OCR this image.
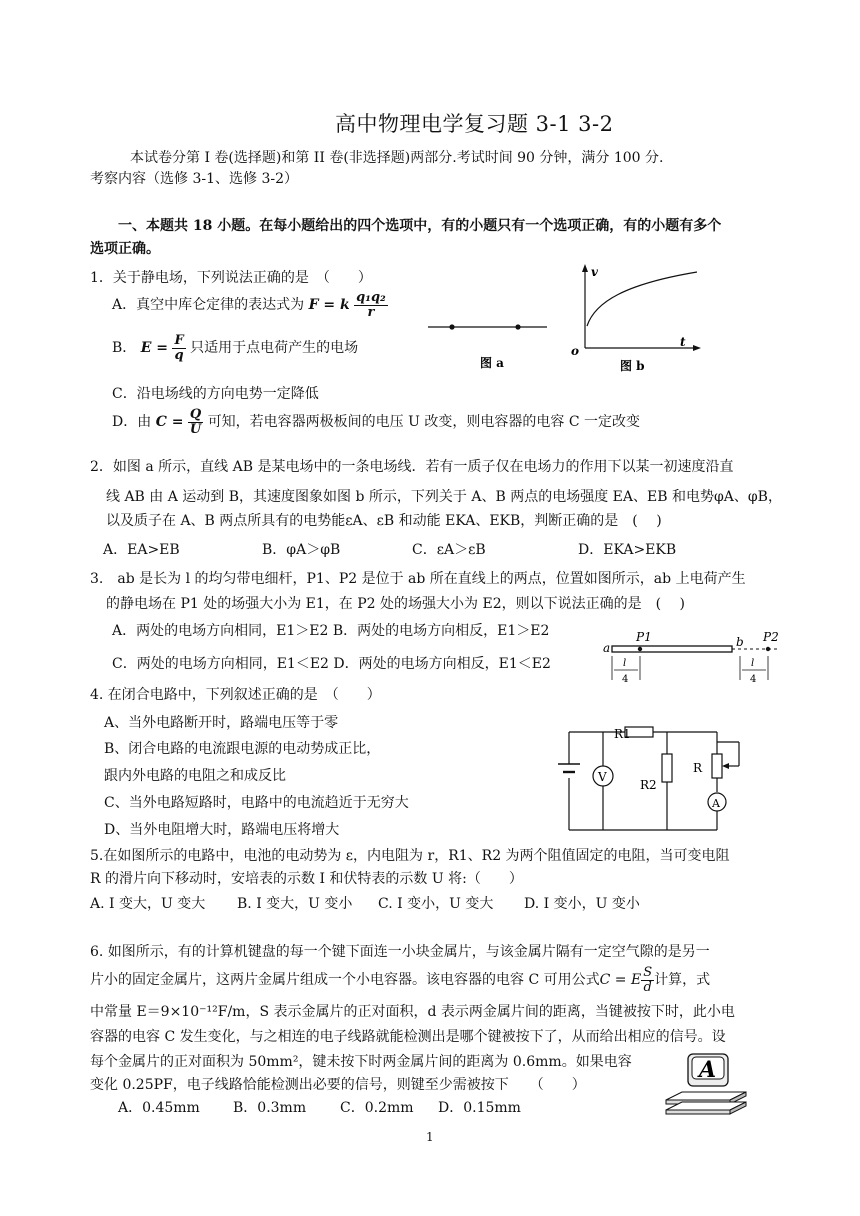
高中物理电学复习题 3-1 3-2
本试卷分第 I 卷(选择题)和第 II 卷(非选择题)两部分.考试时间 90 分钟，满分 100 分.
考察内容（选修 3-1、选修 3-2）
一、本题共 18 小题。在每小题给出的四个选项中，有的小题只有一个选项正确，有的小题有多个
选项正确。
1．关于静电场，下列说法正确的是　（　　）
A．真空中库仑定律的表达式为 F = k $\frac{\text{q₁q₂}}{r}$
B． $E = \frac{F}{q}$ 只适用于点电荷产生的电场
C．沿电场线的方向电势一定降低
D．由 $C = \frac{Q}{U}$ 可知，若电容器两极板间的电压 U 改变，则电容器的电容 C 一定改变
图 a
v
t
o
图 b
2．如图 a 所示，直线 AB 是某电场中的一条电场线．若有一质子仅在电场力的作用下以某一初速度沿直
线 AB 由 A 运动到 B，其速度图象如图 b 所示，下列关于 A、B 两点的电场强度 EA、EB 和电势φA、φB，
以及质子在 A、B 两点所具有的电势能εA、εB 和动能 EKA、EKB，判断正确的是　(　 )
A．EA>EB	B．φA＞φB	C．εA＞εB	D．EKA>EKB
3.　ab 是长为 l 的均匀带电细杆，P1、P2 是位于 ab 所在直线上的两点，位置如图所示，ab 上电荷产生
的静电场在 P1 处的场强大小为 E1，在 P2 处的场强大小为 E2，则以下说法正确的是　(　 )
A．两处的电场方向相同，E1＞E2 B．两处的电场方向相反，E1＞E2
C．两处的电场方向相同，E1＜E2 D．两处的电场方向相反，E1＜E2
a	b
P1	P2
l
4
l
4
4. 在闭合电路中，下列叙述正确的是　（　　）
A、当外电路断开时，路端电压等于零
B、闭合电路的电流跟电源的电动势成正比，
跟内外电路的电阻之和成反比
C、当外电路短路时，电路中的电流趋近于无穷大
D、当外电阻增大时，路端电压将增大
R1
R2
R
V
A
5.在如图所示的电路中，电池的电动势为 ε，内电阻为 r，R1、R2 为两个阻值固定的电阻，当可变电阻
R 的滑片向下移动时，安培表的示数 I 和伏特表的示数 U 将:（　　）
A. I 变大，U 变大 B. I 变大，U 变小 C. I 变小，U 变大 D. I 变小，U 变小
6. 如图所示，有的计算机键盘的每一个键下面连一小块金属片，与该金属片隔有一定空气隙的是另一
片小的固定金属片，这两片金属片组成一个小电容器。该电容器的电容 C 可用公式C = E $\frac{S}{d}$ 计算，式
中常量 E＝9×10⁻¹²F/m，S 表示金属片的正对面积，d 表示两金属片间的距离，当键被按下时，此小电
容器的电容 C 发生变化，与之相连的电子线路就能检测出是哪个键被按下了，从而给出相应的信号。设
每个金属片的正对面积为 50mm²，键未按下时两金属片间的距离为 0.6mm。如果电容
变化 0.25PF，电子线路恰能检测出必要的信号，则键至少需被按下　　（　　）
A．0.45mm B．0.3mm C．0.2mm D．0.15mm
A
1
